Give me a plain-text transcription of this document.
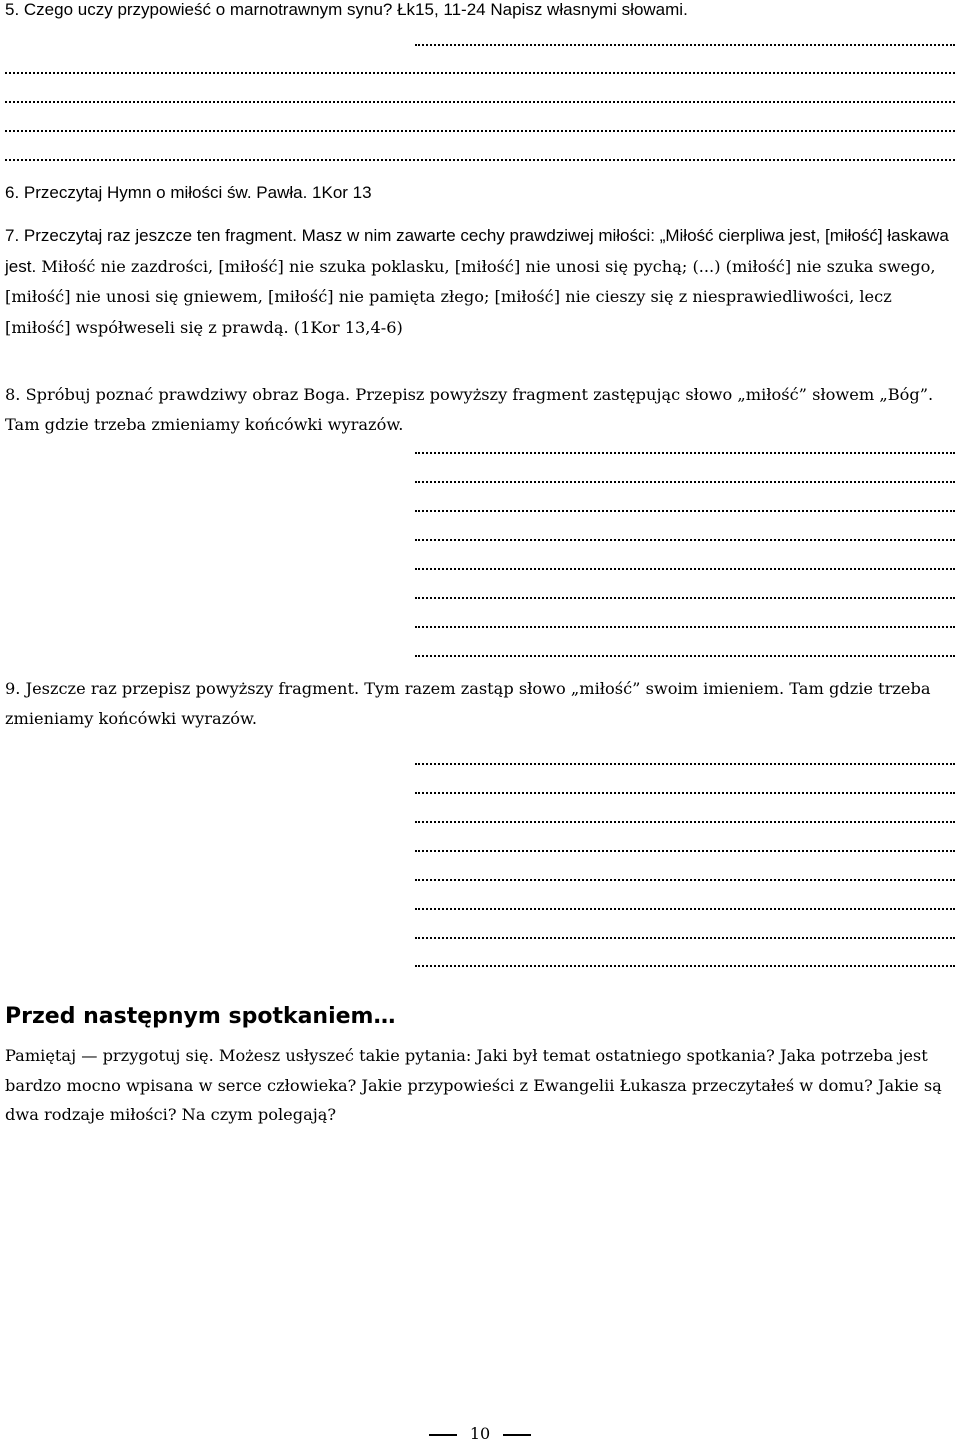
5. Czego uczy przypowieść o marnotrawnym synu? Łk15, 11-24 Napisz własnymi słowami.
6. Przeczytaj Hymn o miłości św. Pawła. 1Kor 13
7. Przeczytaj raz jeszcze ten fragment. Masz w nim zawarte cechy prawdziwej miłości: „Miłość cierpliwa jest, [miłość] łaskawa jest. Miłość nie zazdrości, [miłość] nie szuka poklasku, [miłość] nie unosi się pychą; (...) (miłość] nie szuka swego, [miłość] nie unosi się gniewem, [miłość] nie pamięta złego; [miłość] nie cieszy się z niesprawiedliwości, lecz [miłość] współweseli się z prawdą. (1Kor 13,4-6)
8. Spróbuj poznać prawdziwy obraz Boga. Przepisz powyższy fragment zastępując słowo „miłość” słowem „Bóg”. Tam gdzie trzeba zmieniamy końcówki wyrazów.
9. Jeszcze raz przepisz powyższy fragment. Tym razem zastąp słowo „miłość” swoim imieniem. Tam gdzie trzeba zmieniamy końcówki wyrazów.
Przed następnym spotkaniem…
Pamiętaj — przygotuj się. Możesz usłyszeć takie pytania: Jaki był temat ostatniego spotkania? Jaka potrzeba jest bardzo mocno wpisana w serce człowieka? Jakie przypowieści z Ewangelii Łukasza przeczytałeś w domu? Jakie są dwa rodzaje miłości? Na czym polegają?
10
